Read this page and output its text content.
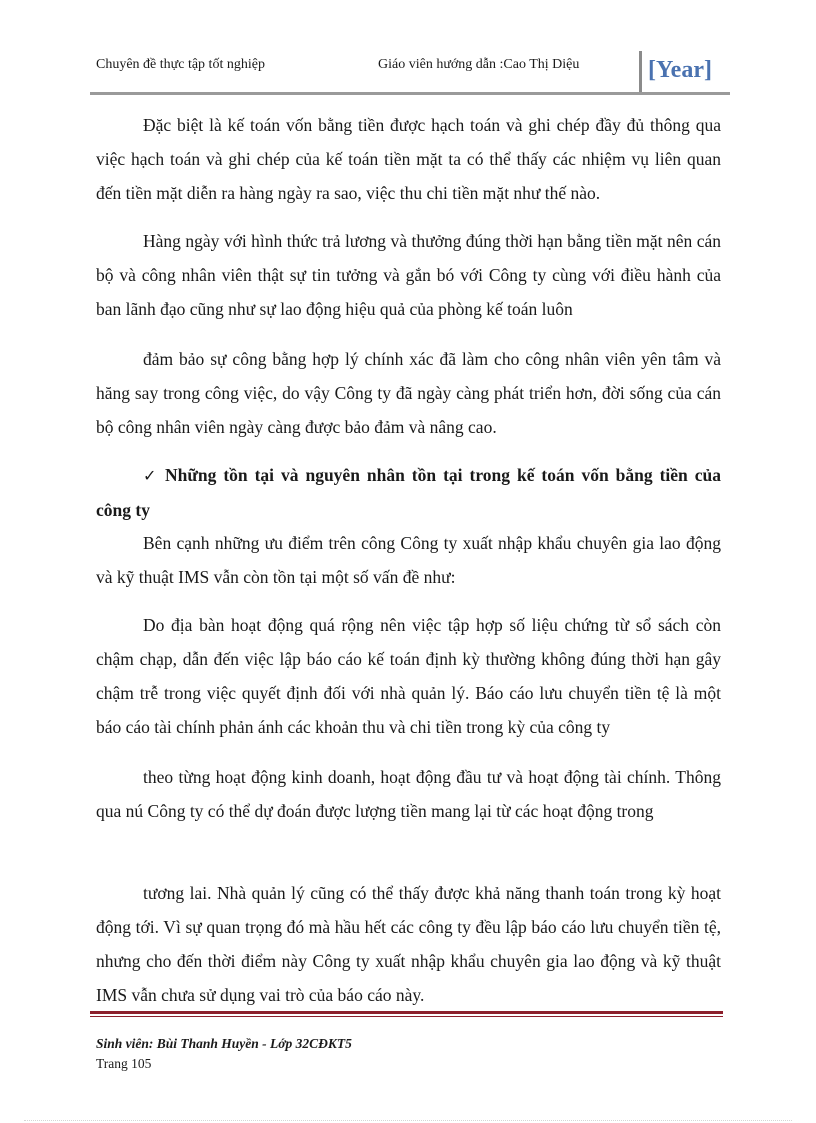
Chuyên đề thực tập tốt nghiệp	Giáo viên hướng dẫn :Cao Thị Diệu	[Year]

Đặc biệt là kế toán vốn bằng tiền được hạch toán và ghi chép đầy đủ thông qua việc hạch toán và ghi chép của kế toán tiền mặt ta có thể thấy các nhiệm vụ liên quan đến tiền mặt diễn ra hàng ngày ra sao, việc thu chi tiền mặt như thế nào.

Hàng ngày với hình thức trả lương và thưởng đúng thời hạn bằng tiền mặt nên cán bộ và công nhân viên thật sự tin tưởng và gắn bó với Công ty cùng với điều hành của ban lãnh đạo cũng như sự lao động hiệu quả của phòng kế toán luôn

đảm bảo sự công bằng hợp lý chính xác đã làm cho công nhân viên yên tâm và hăng say trong công việc, do vậy Công ty đã ngày càng phát triển hơn, đời sống của cán bộ công nhân viên ngày càng được bảo đảm và nâng cao.

✓ Những tồn tại và nguyên nhân tồn tại trong kế toán vốn bằng tiền của công ty

Bên cạnh những ưu điểm trên công Công ty xuất nhập khẩu chuyên gia lao động và kỹ thuật IMS vẫn còn tồn tại một số vấn đề như:

Do địa bàn hoạt động quá rộng nên việc tập hợp số liệu chứng từ sổ sách còn chậm chạp, dẫn đến việc lập báo cáo kế toán định kỳ thường không đúng thời hạn gây chậm trễ trong việc quyết định đối với nhà quản lý. Báo cáo lưu chuyển tiền tệ là một báo cáo tài chính phản ánh các khoản thu và chi tiền trong kỳ của công ty

theo từng hoạt động kinh doanh, hoạt động đầu tư và hoạt động tài chính. Thông qua nú Công ty có thể dự đoán được lượng tiền mang lại từ các hoạt động trong

tương lai. Nhà quản lý cũng có thể thấy được khả năng thanh toán trong kỳ hoạt động tới. Vì sự quan trọng đó mà hầu hết các công ty đều lập báo cáo lưu chuyển tiền tệ, nhưng cho đến thời điểm này Công ty xuất nhập khẩu chuyên gia lao động và kỹ thuật IMS vẫn chưa sử dụng vai trò của báo cáo này.

Sinh viên: Bùi Thanh Huyền - Lớp 32CĐKT5
Trang 105
